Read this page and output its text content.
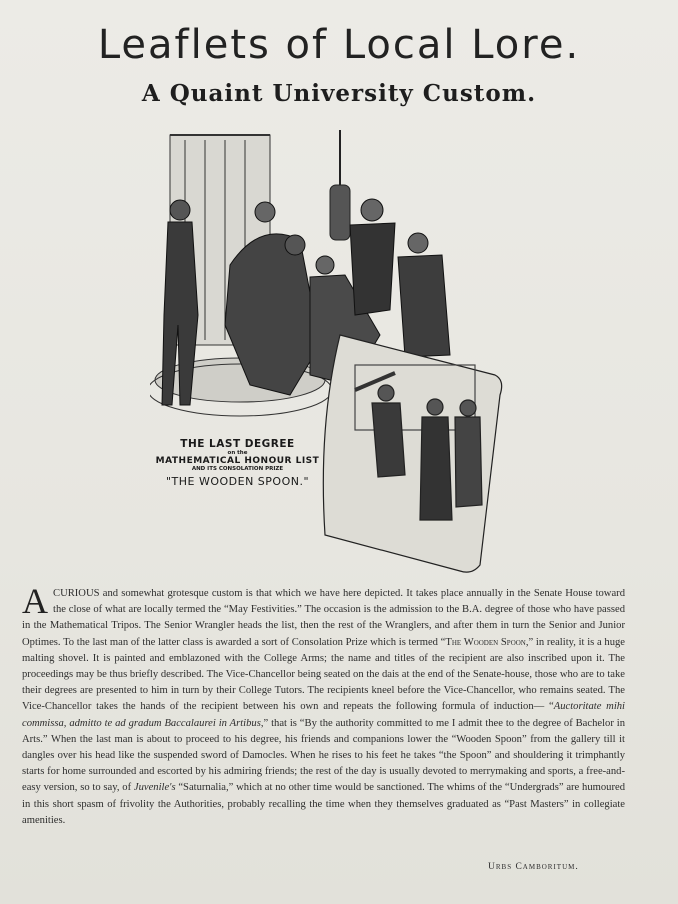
Leaflets of Local Lore.
A Quaint University Custom.
THE LAST DEGREE
on the
MATHEMATICAL HONOUR LIST
AND ITS CONSOLATION PRIZE
"THE WOODEN SPOON."
ACURIOUS and somewhat grotesque custom is that which we have here depicted. It takes place annually in the Senate House toward the close of what are locally termed the “May Festivities.” The occasion is the admission to the B.A. degree of those who have passed in the Mathematical Tripos. The Senior Wrangler heads the list, then the rest of the Wranglers, and after them in turn the Senior and Junior Optimes. To the last man of the latter class is awarded a sort of Consolation Prize which is termed “The Wooden Spoon,” in reality, it is a huge malting shovel. It is painted and emblazoned with the College Arms; the name and titles of the recipient are also inscribed upon it. The proceedings may be thus briefly described. The Vice-Chancellor being seated on the dais at the end of the Senate-house, those who are to take their degrees are presented to him in turn by their College Tutors. The recipients kneel before the Vice-Chancellor, who remains seated. The Vice-Chancellor takes the hands of the recipient between his own and repeats the following formula of induction— “Auctoritate mihi commissa, admitto te ad gradum Baccalaurei in Artibus,” that is “By the authority committed to me I admit thee to the degree of Bachelor in Arts.” When the last man is about to proceed to his degree, his friends and companions lower the “Wooden Spoon” from the gallery till it dangles over his head like the suspended sword of Damocles. When he rises to his feet he takes “the Spoon” and shouldering it trimphantly starts for home surrounded and escorted by his admiring friends; the rest of the day is usually devoted to merrymaking and sports, a free-and-easy version, so to say, of Juvenile's “Saturnalia,” which at no other time would be sanctioned. The whims of the “Undergrads” are humoured in this short spasm of frivolity the Authorities, probably recalling the time when they themselves graduated as “Past Masters” in collegiate amenities.
Urbs Camboritum.
